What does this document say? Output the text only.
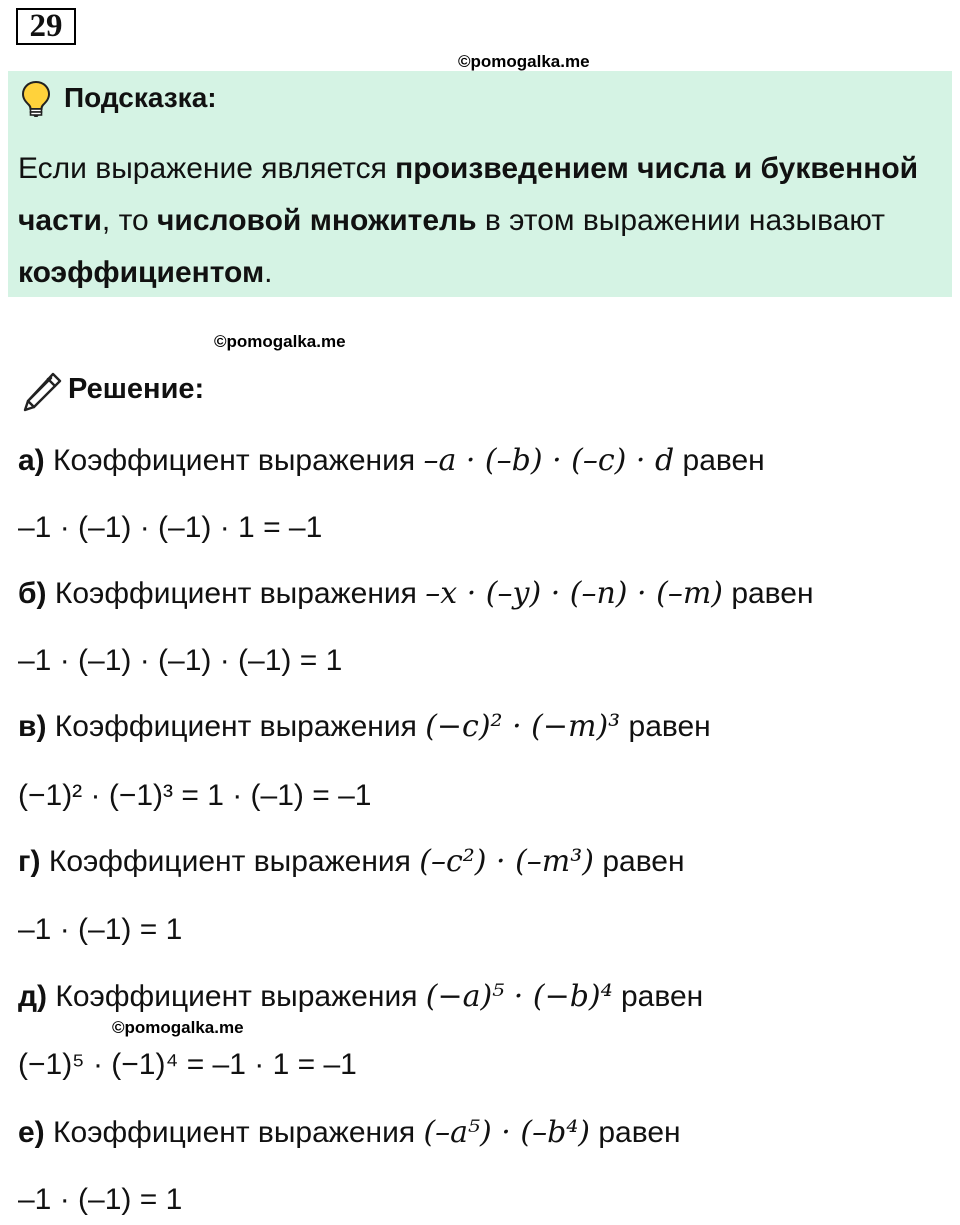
29
©pomogalka.me
Подсказка:
Если выражение является произведением числа и буквенной части, то числовой множитель в этом выражении называют коэффициентом.
©pomogalka.me
Решение:
а) Коэффициент выражения –a · (–b) · (–c) · d равен
–1 · (–1) · (–1) · 1 = –1
б) Коэффициент выражения –x · (–y) · (–n) · (–m) равен
–1 · (–1) · (–1) · (–1) = 1
в) Коэффициент выражения (−c)² · (−m)³ равен
(−1)² · (−1)³ = 1 · (–1) = –1
г) Коэффициент выражения (–c²) · (–m³) равен
–1 · (–1) = 1
д) Коэффициент выражения (−a)⁵ · (−b)⁴ равен
©pomogalka.me
(−1)⁵ · (−1)⁴ = –1 · 1 = –1
е) Коэффициент выражения (–a⁵) · (–b⁴) равен
–1 · (–1) = 1
